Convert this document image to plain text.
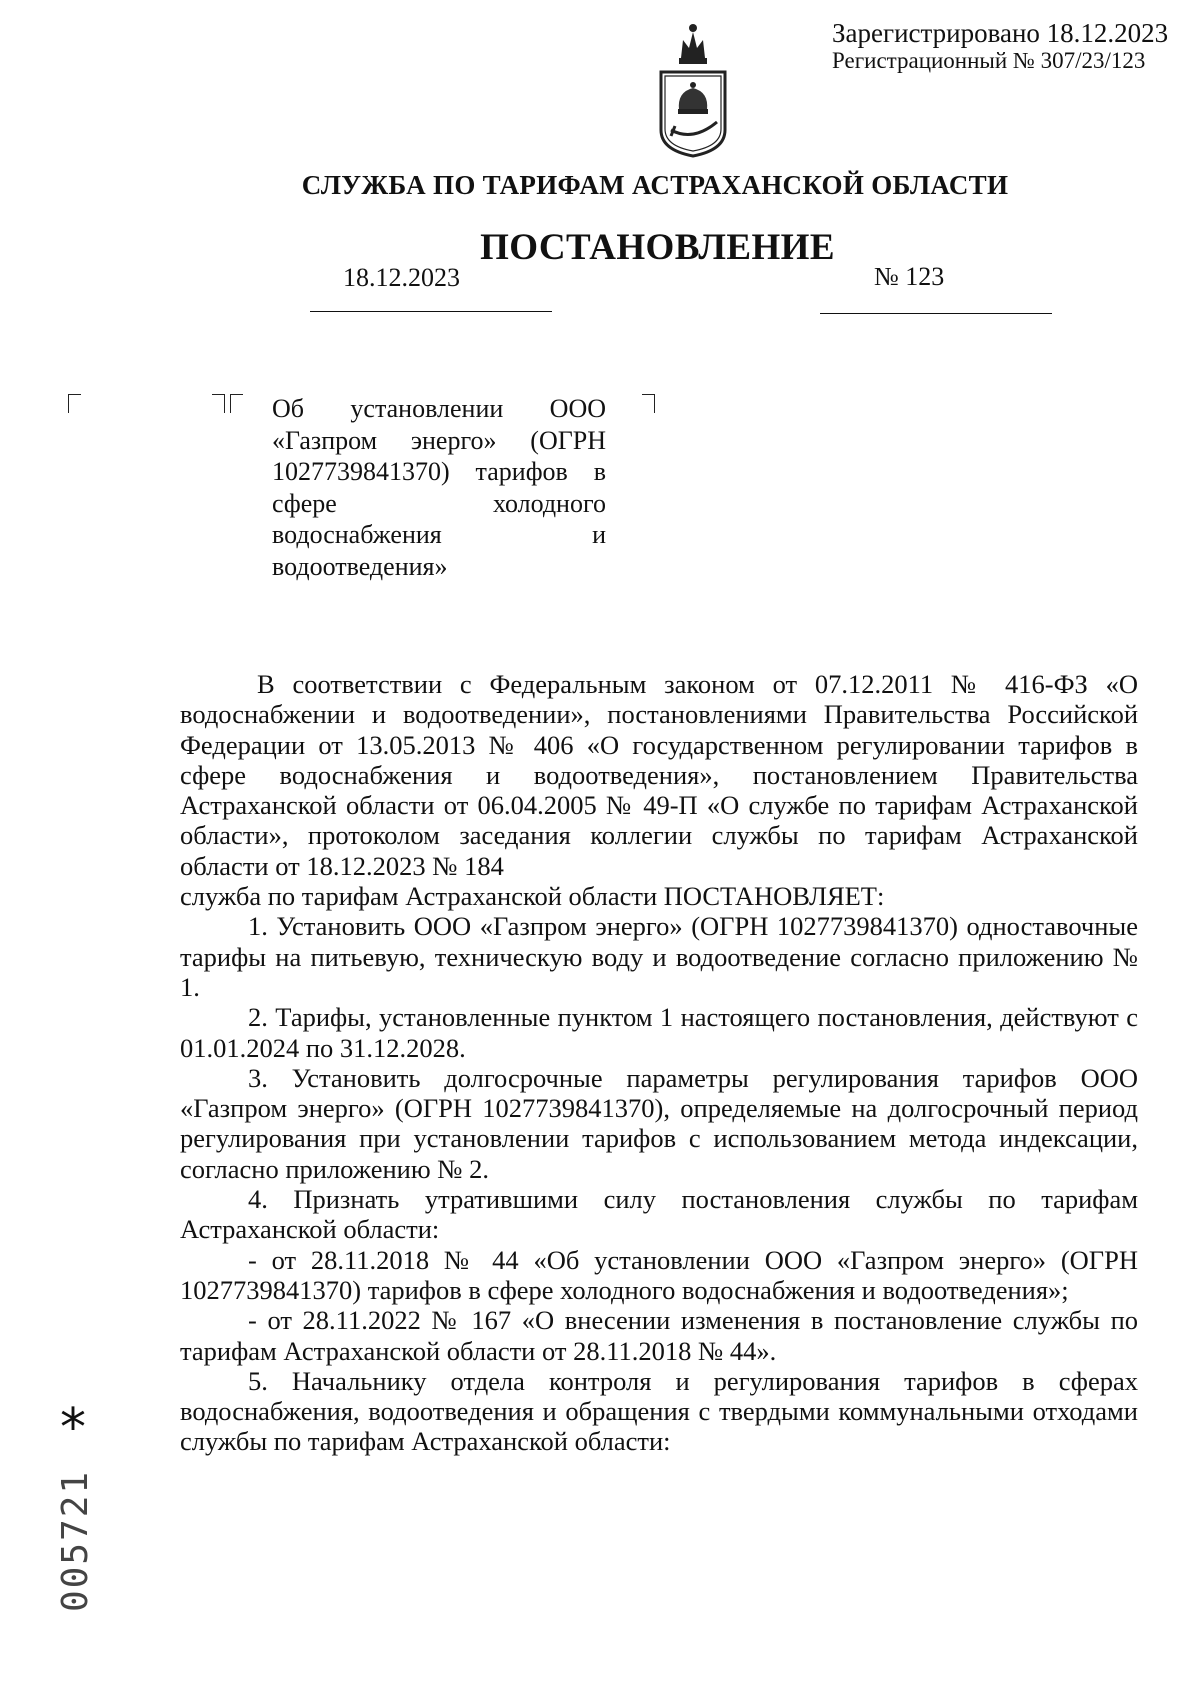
Зарегистрировано 18.12.2023
Регистрационный № 307/23/123
СЛУЖБА ПО ТАРИФАМ АСТРАХАНСКОЙ ОБЛАСТИ
ПОСТАНОВЛЕНИЕ
18.12.2023	№ 123
Об установлении ООО
«Газпром энерго» (ОГРН
1027739841370) тарифов в
сфере холодного
водоснабжения и
водоотведения»

В соответствии с Федеральным законом от 07.12.2011 № 416-ФЗ «О водоснабжении и водоотведении», постановлениями Правительства Российской Федерации от 13.05.2013 № 406 «О государственном регулировании тарифов в сфере водоснабжения и водоотведения», постановлением Правительства Астраханской области от 06.04.2005 № 49-П «О службе по тарифам Астраханской области», протоколом заседания коллегии службы по тарифам Астраханской области от 18.12.2023 № 184

служба по тарифам Астраханской области ПОСТАНОВЛЯЕТ:

1. Установить ООО «Газпром энерго» (ОГРН 1027739841370) одноставочные тарифы на питьевую, техническую воду и водоотведение согласно приложению № 1.

2. Тарифы, установленные пунктом 1 настоящего постановления, действуют с 01.01.2024 по 31.12.2028.

3. Установить долгосрочные параметры регулирования тарифов ООО «Газпром энерго» (ОГРН 1027739841370), определяемые на долгосрочный период регулирования при установлении тарифов с использованием метода индексации, согласно приложению № 2.

4. Признать утратившими силу постановления службы по тарифам Астраханской области:

- от 28.11.2018 № 44 «Об установлении ООО «Газпром энерго» (ОГРН 1027739841370) тарифов в сфере холодного водоснабжения и водоотведения»;

- от 28.11.2022 № 167 «О внесении изменения в постановление службы по тарифам Астраханской области от 28.11.2018 № 44».

5. Начальнику отдела контроля и регулирования тарифов в сферах водоснабжения, водоотведения и обращения с твердыми коммунальными отходами службы по тарифам Астраханской области:

*
005721
